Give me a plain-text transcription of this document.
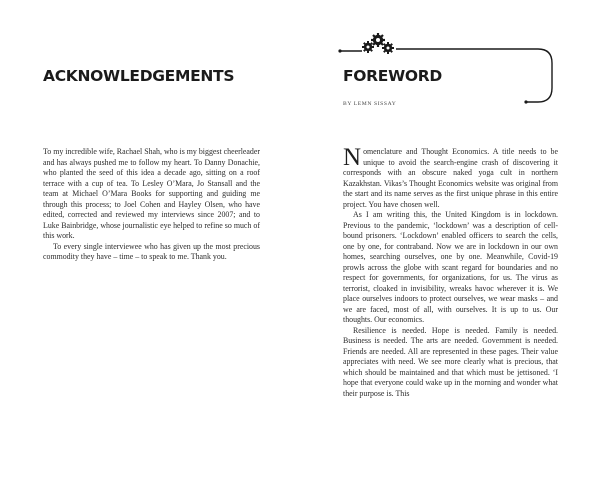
ACKNOWLEDGEMENTS

To my incredible wife, Rachael Shah, who is my biggest cheerleader and has always pushed me to follow my heart. To Danny Donachie, who planted the seed of this idea a decade ago, sitting on a roof terrace with a cup of tea. To Lesley O’Mara, Jo Stansall and the team at Michael O’Mara Books for supporting and guiding me through this process; to Joel Cohen and Hayley Olsen, who have edited, corrected and reviewed my interviews since 2007; and to Luke Bainbridge, whose journalistic eye helped to refine so much of this work.

To every single interviewee who has given up the most precious commodity they have – time – to speak to me. Thank you.

FOREWORD
BY LEMN SISSAY

Nomenclature and Thought Economics. A title needs to be unique to avoid the search-engine crash of discovering it corresponds with an obscure naked yoga cult in northern Kazakhstan. Vikas’s Thought Economics website was original from the start and its name serves as the first unique phrase in this entire project. You have chosen well.

As I am writing this, the United Kingdom is in lockdown. Previous to the pandemic, ‘lockdown’ was a description of cell-bound prisoners. ‘Lockdown’ enabled officers to search the cells, one by one, for contraband. Now we are in lockdown in our own homes, searching ourselves, one by one. Meanwhile, Covid-19 prowls across the globe with scant regard for boundaries and no respect for governments, for organizations, for us. The virus as terrorist, cloaked in invisibility, wreaks havoc wherever it is. We place ourselves indoors to protect ourselves, we wear masks – and we are faced, most of all, with ourselves. It is up to us. Our thoughts. Our economics.

Resilience is needed. Hope is needed. Family is needed. Business is needed. The arts are needed. Government is needed. Friends are needed. All are represented in these pages. Their value appreciates with need. We see more clearly what is precious, that which should be maintained and that which must be jettisoned. ‘I hope that everyone could wake up in the morning and wonder what their purpose is. This
